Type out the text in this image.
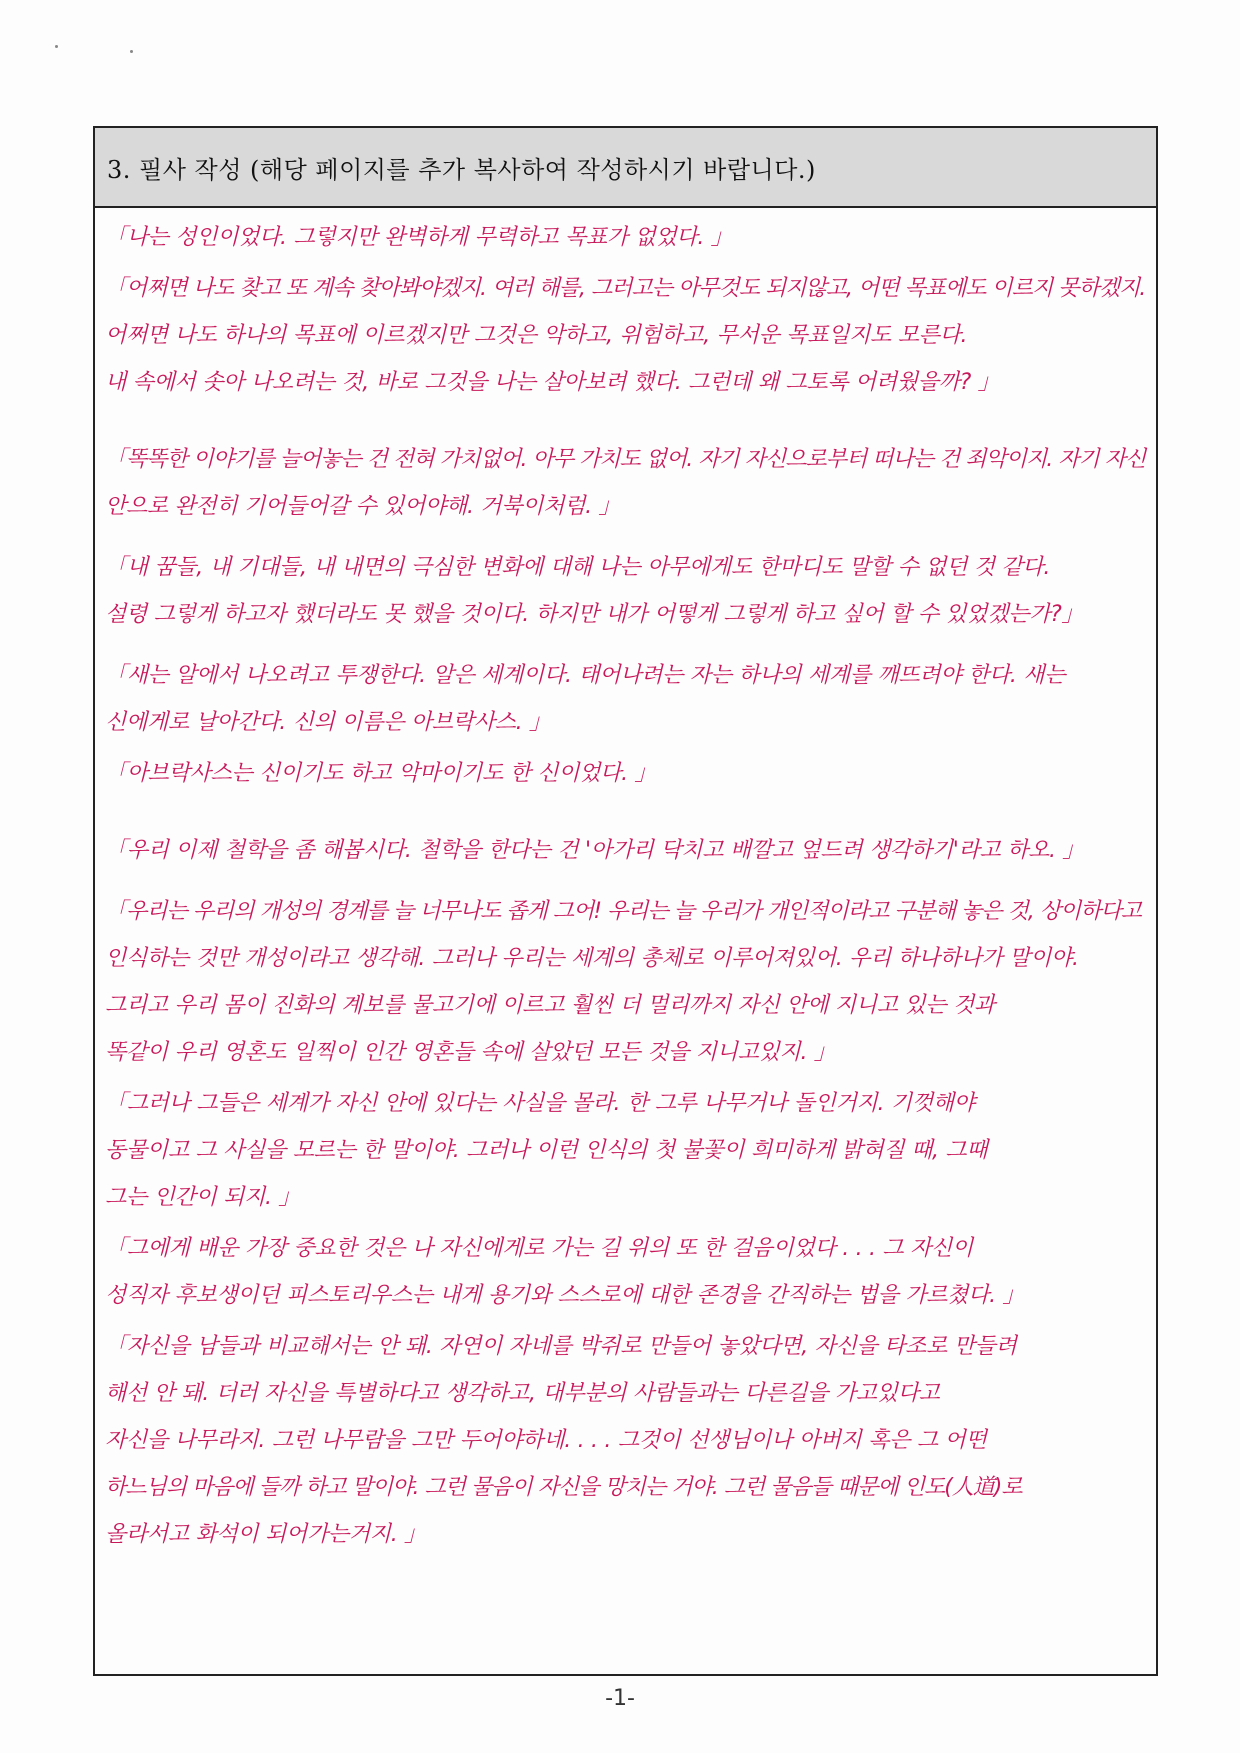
3. 필사 작성 (해당 페이지를 추가 복사하여 작성하시기 바랍니다.)

「나는 성인이었다. 그렇지만 완벽하게 무력하고 목표가 없었다. 」

「어쩌면 나도 찾고 또 계속 찾아봐야겠지. 여러 해를, 그러고는 아무것도 되지않고, 어떤 목표에도 이르지 못하겠지.
어쩌면 나도 하나의 목표에 이르겠지만 그것은 악하고, 위험하고, 무서운 목표일지도 모른다.
내 속에서 솟아 나오려는 것, 바로 그것을 나는 살아보려 했다. 그런데 왜 그토록 어려웠을까? 」

「똑똑한 이야기를 늘어놓는 건 전혀 가치없어. 아무 가치도 없어. 자기 자신으로부터 떠나는 건 죄악이지. 자기 자신
안으로 완전히 기어들어갈 수 있어야해. 거북이처럼. 」

「내 꿈들, 내 기대들, 내 내면의 극심한 변화에 대해 나는 아무에게도 한마디도 말할 수 없던 것 같다.
설령 그렇게 하고자 했더라도 못 했을 것이다. 하지만 내가 어떻게 그렇게 하고 싶어 할 수 있었겠는가?」

「새는 알에서 나오려고 투쟁한다. 알은 세계이다. 태어나려는 자는 하나의 세계를 깨뜨려야 한다. 새는
신에게로 날아간다. 신의 이름은 아브락사스. 」

「아브락사스는 신이기도 하고 악마이기도 한 신이었다. 」

「우리 이제 철학을 좀 해봅시다. 철학을 한다는 건 '아가리 닥치고 배깔고 엎드려 생각하기'라고 하오. 」

「우리는 우리의 개성의 경계를 늘 너무나도 좁게 그어! 우리는 늘 우리가 개인적이라고 구분해 놓은 것, 상이하다고
인식하는 것만 개성이라고 생각해. 그러나 우리는 세계의 총체로 이루어져있어. 우리 하나하나가 말이야.
그리고 우리 몸이 진화의 계보를 물고기에 이르고 훨씬 더 멀리까지 자신 안에 지니고 있는 것과
똑같이 우리 영혼도 일찍이 인간 영혼들 속에 살았던 모든 것을 지니고있지. 」

「그러나 그들은 세계가 자신 안에 있다는 사실을 몰라. 한 그루 나무거나 돌인거지. 기껏해야
동물이고 그 사실을 모르는 한 말이야. 그러나 이런 인식의 첫 불꽃이 희미하게 밝혀질 때, 그때
그는 인간이 되지. 」

「그에게 배운 가장 중요한 것은 나 자신에게로 가는 길 위의 또 한 걸음이었다 . . . 그 자신이
성직자 후보생이던 피스토리우스는 내게 용기와 스스로에 대한 존경을 간직하는 법을 가르쳤다. 」

「자신을 남들과 비교해서는 안 돼. 자연이 자네를 박쥐로 만들어 놓았다면, 자신을 타조로 만들려
해선 안 돼. 더러 자신을 특별하다고 생각하고, 대부분의 사람들과는 다른길을 가고있다고
자신을 나무라지. 그런 나무람을 그만 두어야하네. . . . 그것이 선생님이나 아버지 혹은 그 어떤
하느님의 마음에 들까 하고 말이야. 그런 물음이 자신을 망치는 거야. 그런 물음들 때문에 인도(人道)로
올라서고 화석이 되어가는거지. 」

-1-
